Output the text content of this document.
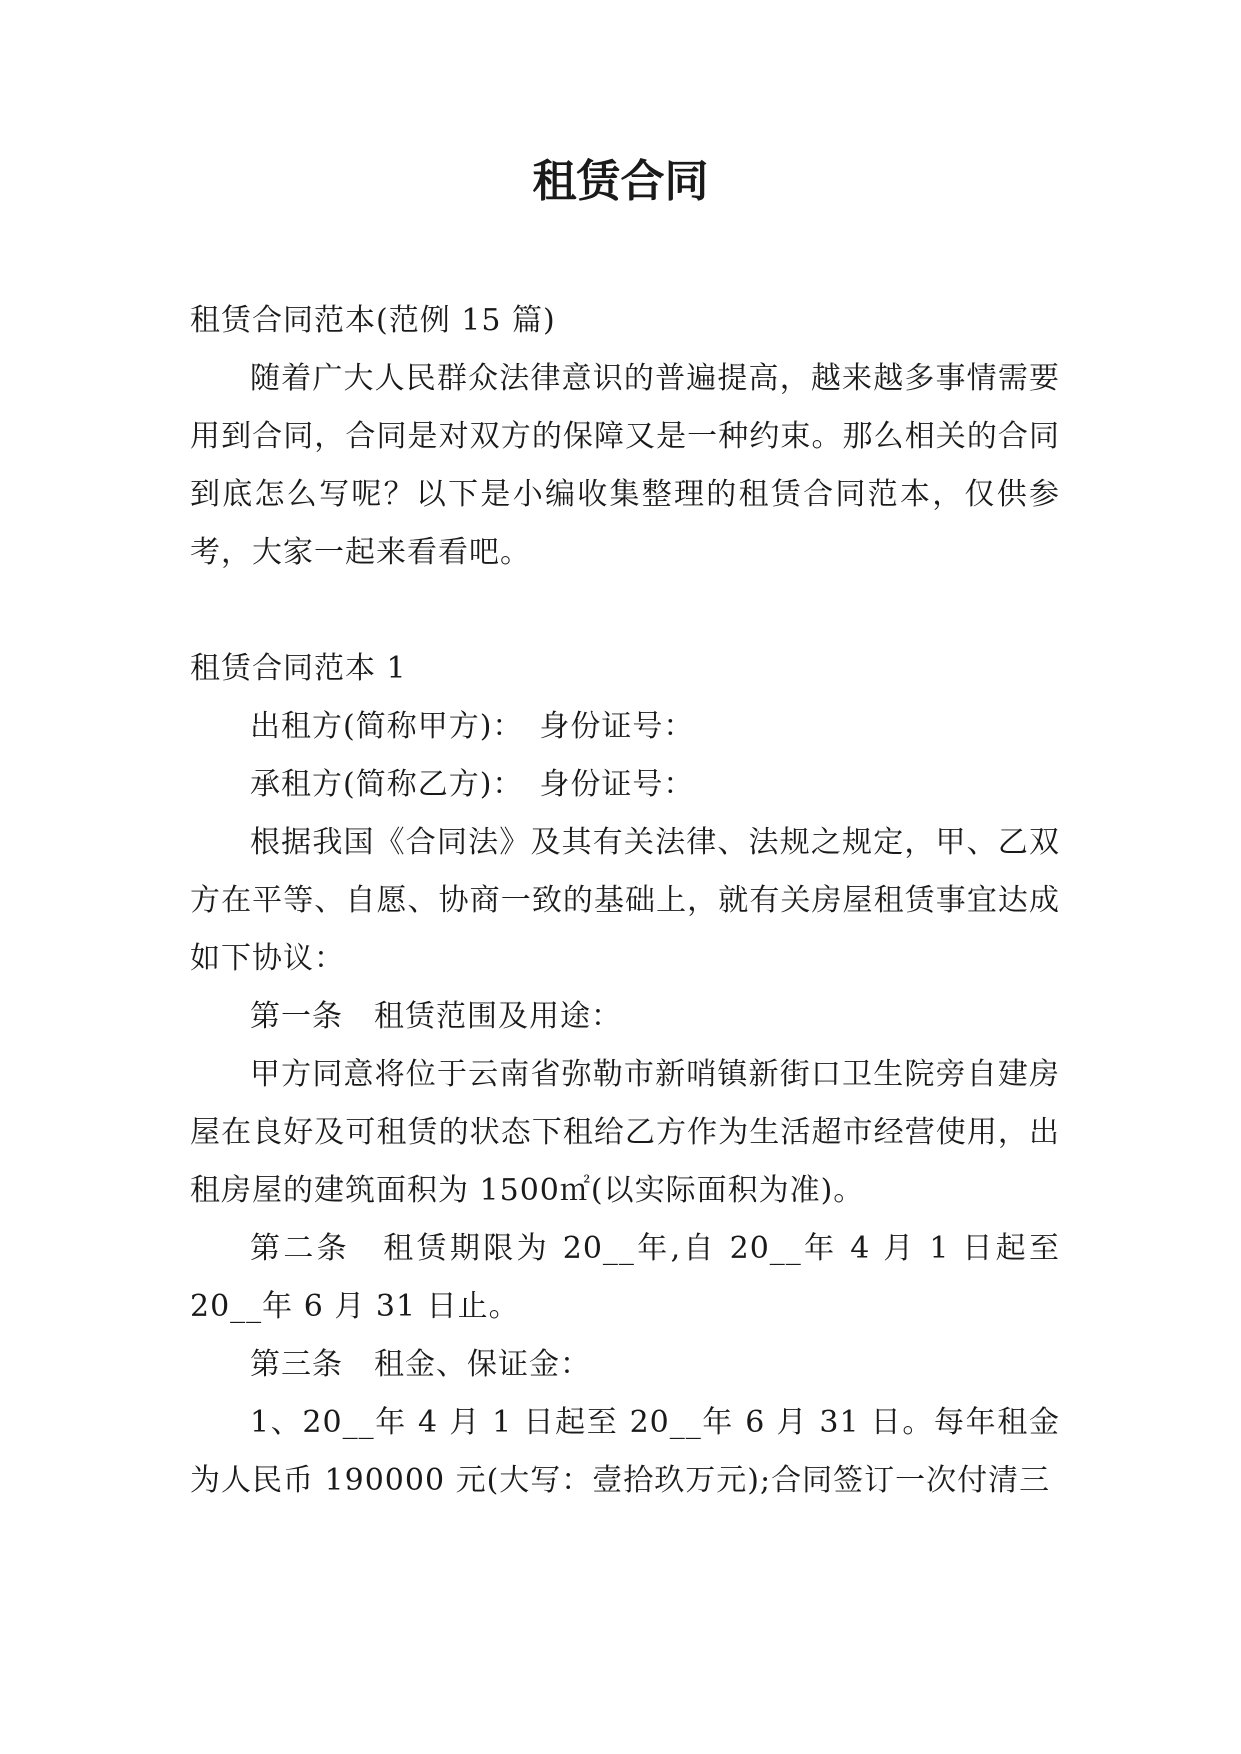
租赁合同

租赁合同范本(范例 15 篇)

随着广大人民群众法律意识的普遍提高，越来越多事情需要用到合同，合同是对双方的保障又是一种约束。那么相关的合同到底怎么写呢？以下是小编收集整理的租赁合同范本，仅供参考，大家一起来看看吧。

租赁合同范本 1

出租方(简称甲方)：　身份证号：

承租方(简称乙方)：　身份证号：

根据我国《合同法》及其有关法律、法规之规定，甲、乙双方在平等、自愿、协商一致的基础上，就有关房屋租赁事宜达成如下协议：

第一条　租赁范围及用途：

甲方同意将位于云南省弥勒市新哨镇新街口卫生院旁自建房屋在良好及可租赁的状态下租给乙方作为生活超市经营使用，出租房屋的建筑面积为 1500㎡(以实际面积为准)。

第二条　租赁期限为 20__年,自 20__年 4 月 1 日起至 20__年 6 月 31 日止。

第三条　租金、保证金：

1、20__年 4 月 1 日起至 20__年 6 月 31 日。每年租金为人民币 190000 元(大写：壹拾玖万元);合同签订一次付清三
